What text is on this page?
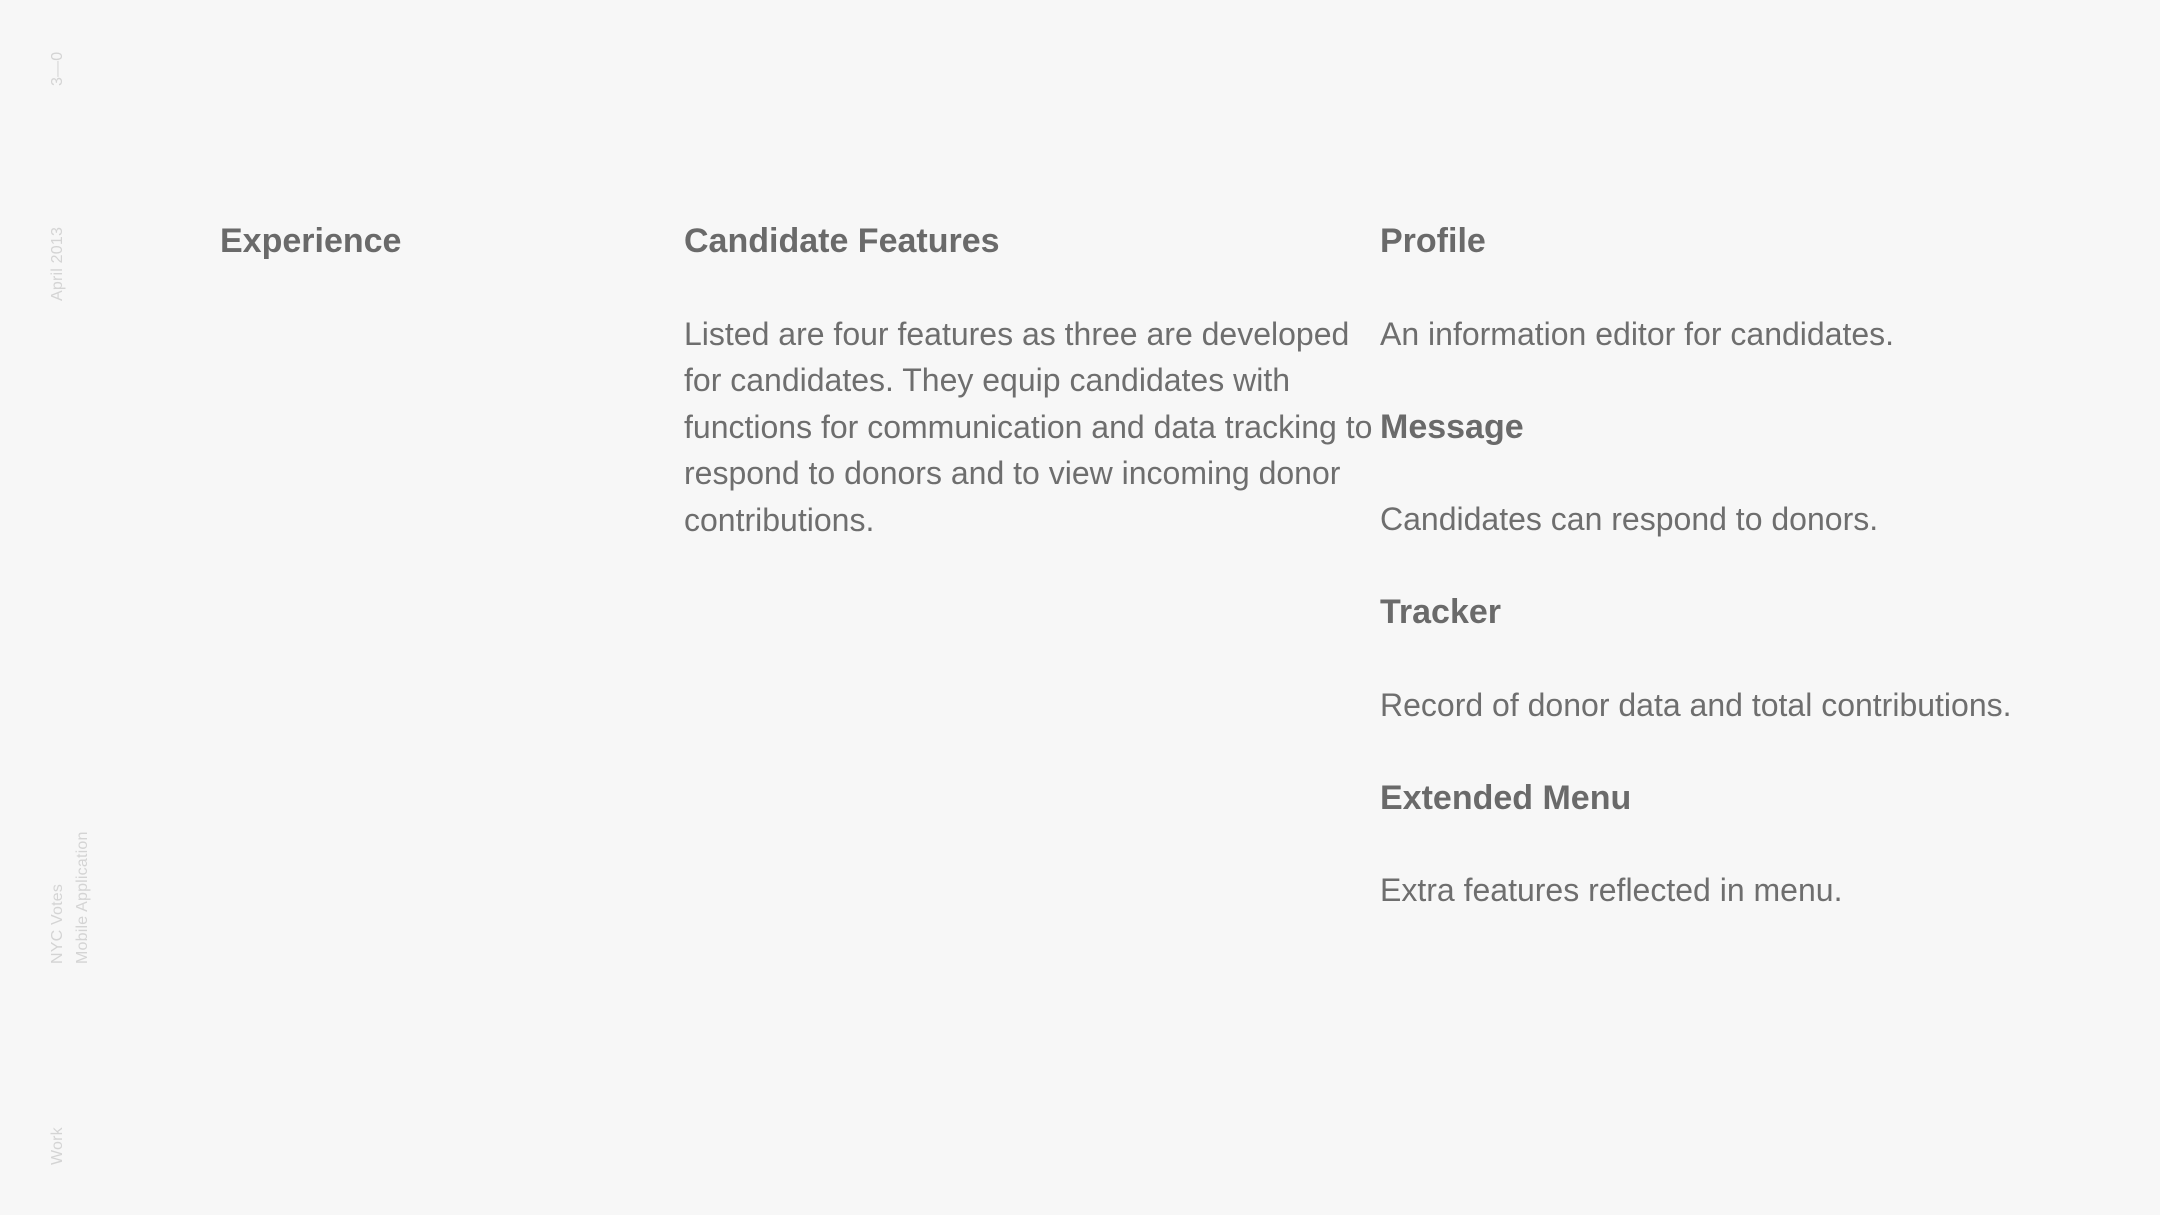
3—0
April 2013
NYC Votes Mobile Application
Work
Experience	Candidate Features

Listed are four features as three are developed for candidates. They equip candidates with functions for communication and data tracking to respond to donors and to view incoming donor contributions.

Profile

An information editor for candidates.

Message

Candidates can respond to donors.

Tracker

Record of donor data and total contributions.

Extended Menu

Extra features reflected in menu.
